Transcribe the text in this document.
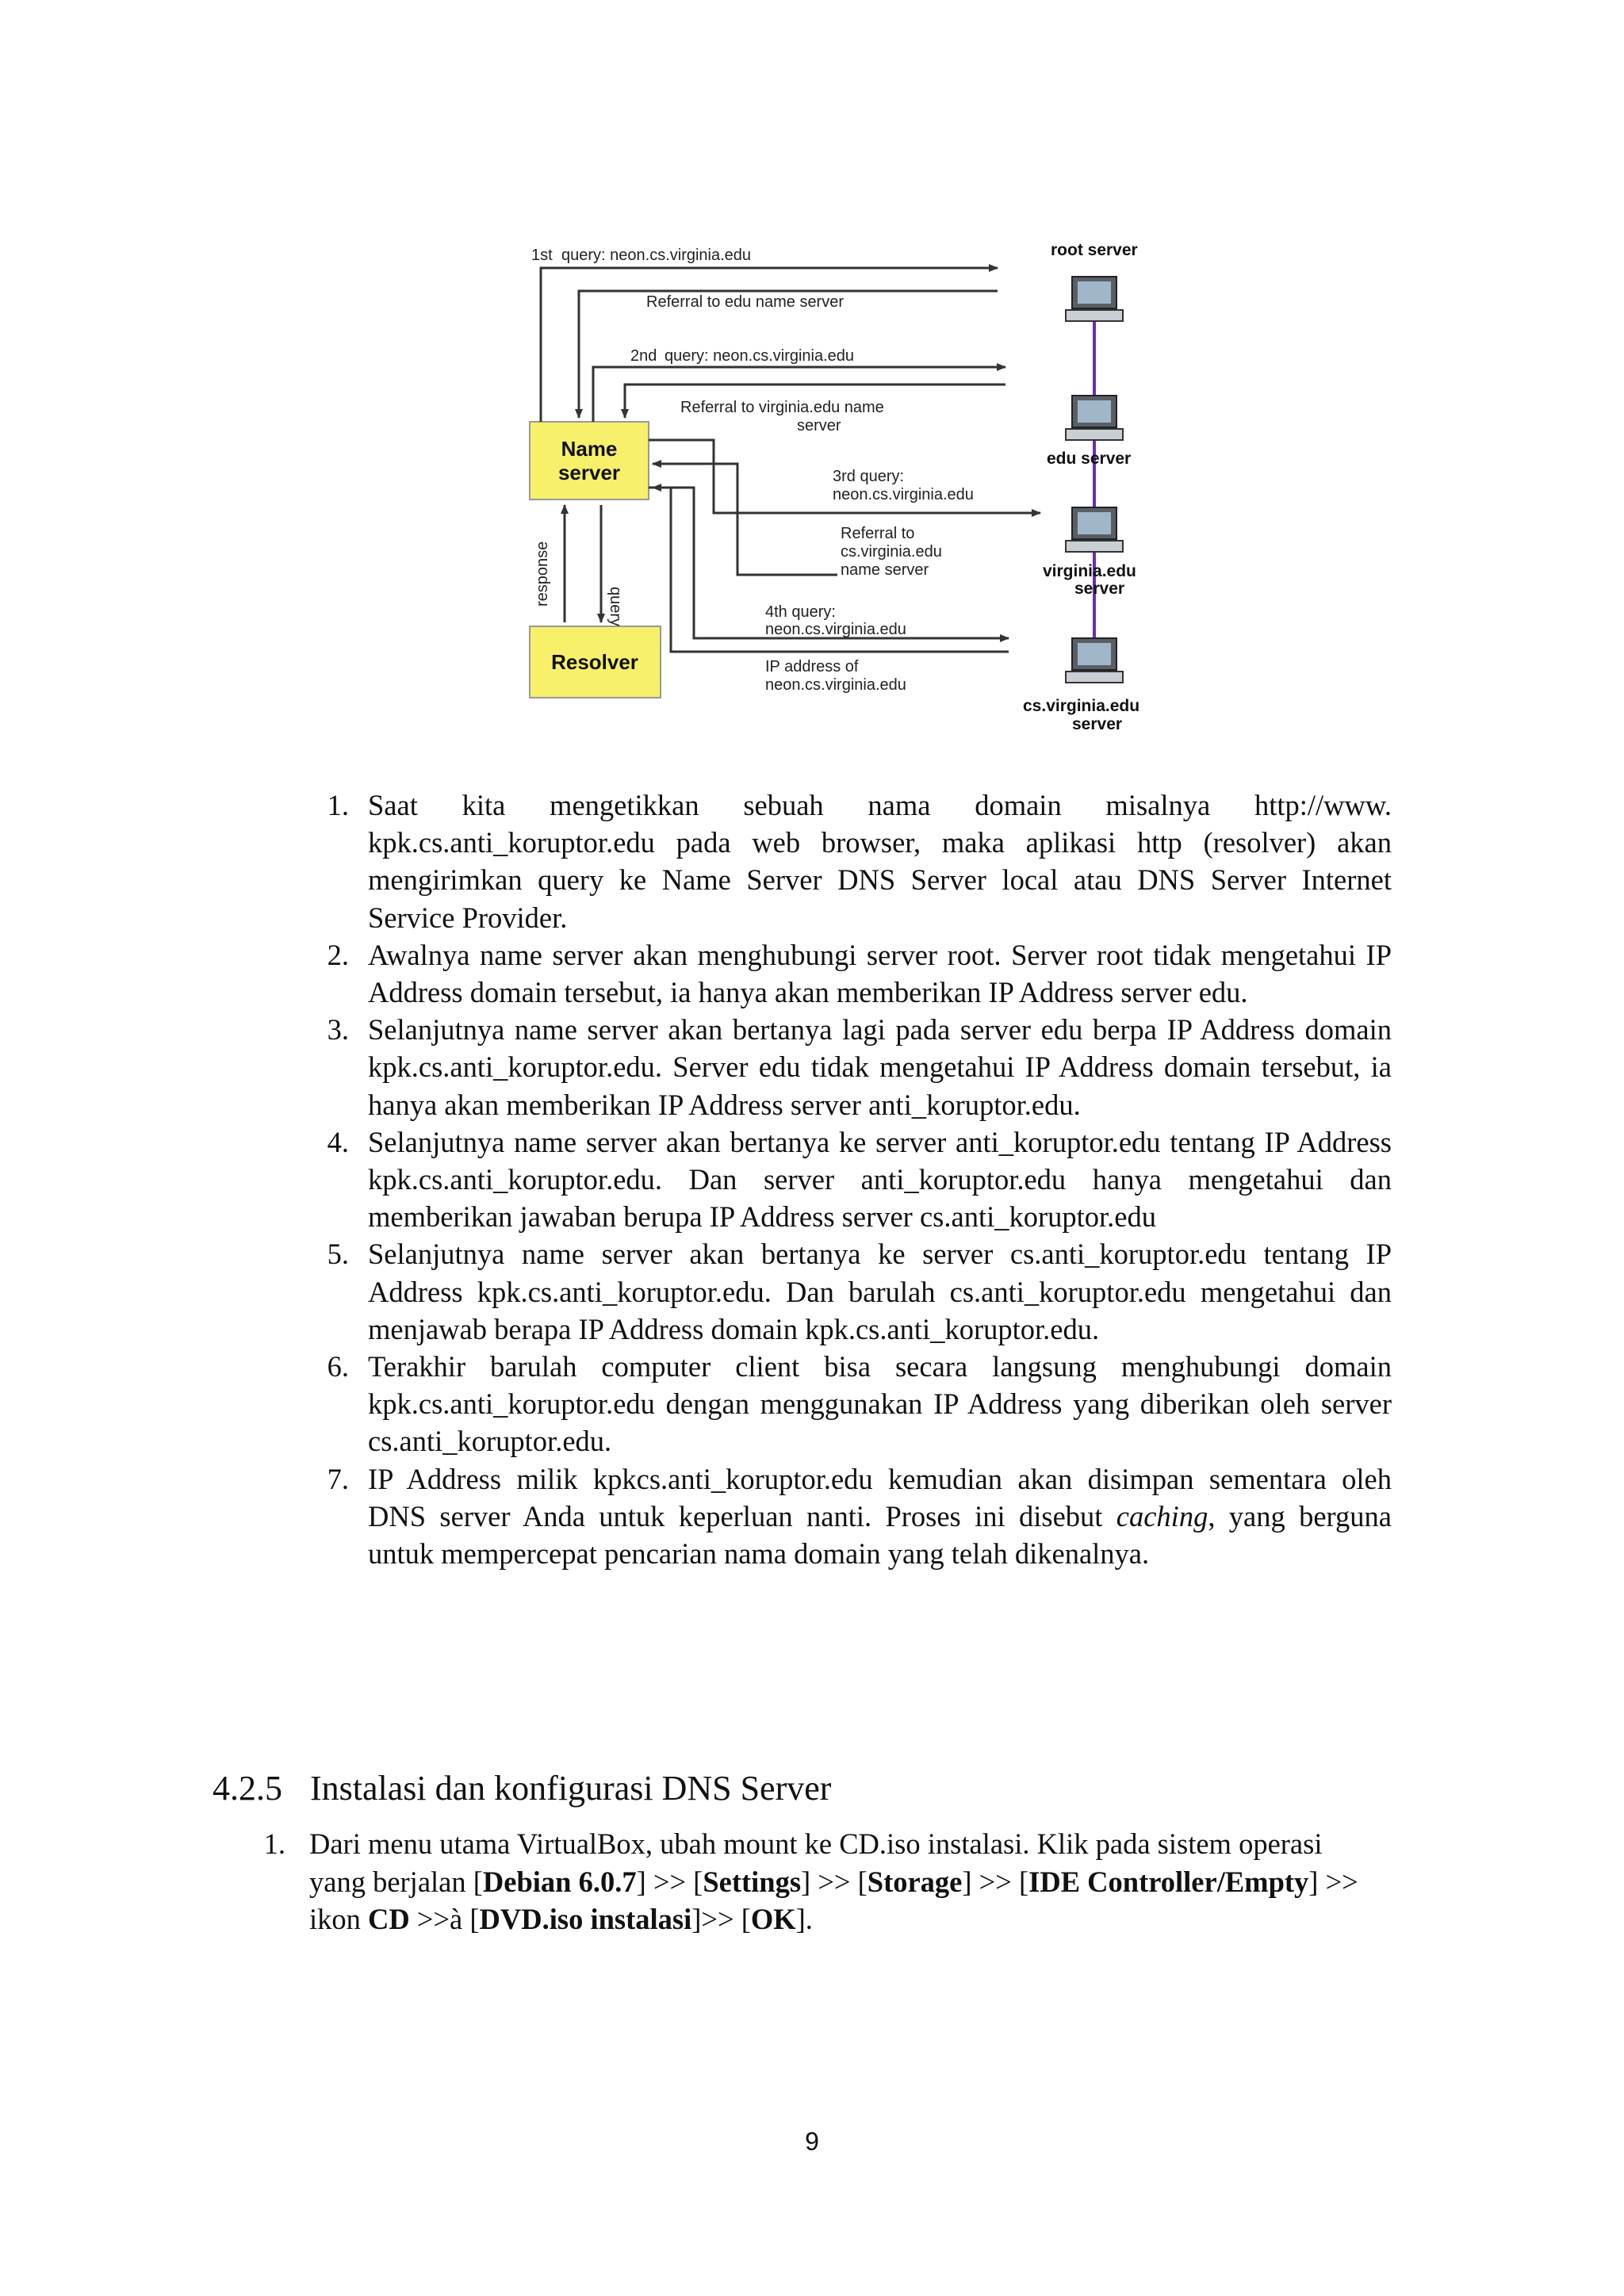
Name
server
Resolver
response
query
1st query: neon.cs.virginia.edu
Referral to edu name server
2nd query: neon.cs.virginia.edu
Referral to virginia.edu name
server
3rd query:
neon.cs.virginia.edu
Referral to
cs.virginia.edu
name server
4th query:
neon.cs.virginia.edu
IP address of
neon.cs.virginia.edu
root server
edu server
virginia.edu
server
cs.virginia.edu
server
1. Saat kita mengetikkan sebuah nama domain misalnya http://www. kpk.cs.anti_koruptor.edu pada web browser, maka aplikasi http (resolver) akan mengirimkan query ke Name Server DNS Server local atau DNS Server Internet Service Provider.
2. Awalnya name server akan menghubungi server root. Server root tidak mengetahui IP Address domain tersebut, ia hanya akan memberikan IP Address server edu.
3. Selanjutnya name server akan bertanya lagi pada server edu berpa IP Address domain kpk.cs.anti_koruptor.edu. Server edu tidak mengetahui IP Address domain tersebut, ia hanya akan memberikan IP Address server anti_koruptor.edu.
4. Selanjutnya name server akan bertanya ke server anti_koruptor.edu tentang IP Address kpk.cs.anti_koruptor.edu. Dan server anti_koruptor.edu hanya mengetahui dan memberikan jawaban berupa IP Address server cs.anti_koruptor.edu
5. Selanjutnya name server akan bertanya ke server cs.anti_koruptor.edu tentang IP Address kpk.cs.anti_koruptor.edu. Dan barulah cs.anti_koruptor.edu mengetahui dan menjawab berapa IP Address domain kpk.cs.anti_koruptor.edu.
6. Terakhir barulah computer client bisa secara langsung menghubungi domain kpk.cs.anti_koruptor.edu dengan menggunakan IP Address yang diberikan oleh server cs.anti_koruptor.edu.
7. IP Address milik kpkcs.anti_koruptor.edu kemudian akan disimpan sementara oleh DNS server Anda untuk keperluan nanti. Proses ini disebut caching, yang berguna untuk mempercepat pencarian nama domain yang telah dikenalnya.
4.2.5 Instalasi dan konfigurasi DNS Server
1. Dari menu utama VirtualBox, ubah mount ke CD.iso instalasi. Klik pada sistem operasi yang berjalan [Debian 6.0.7] >> [Settings] >> [Storage] >> [IDE Controller/Empty] >> ikon CD >>à [DVD.iso instalasi]>> [OK].
9
